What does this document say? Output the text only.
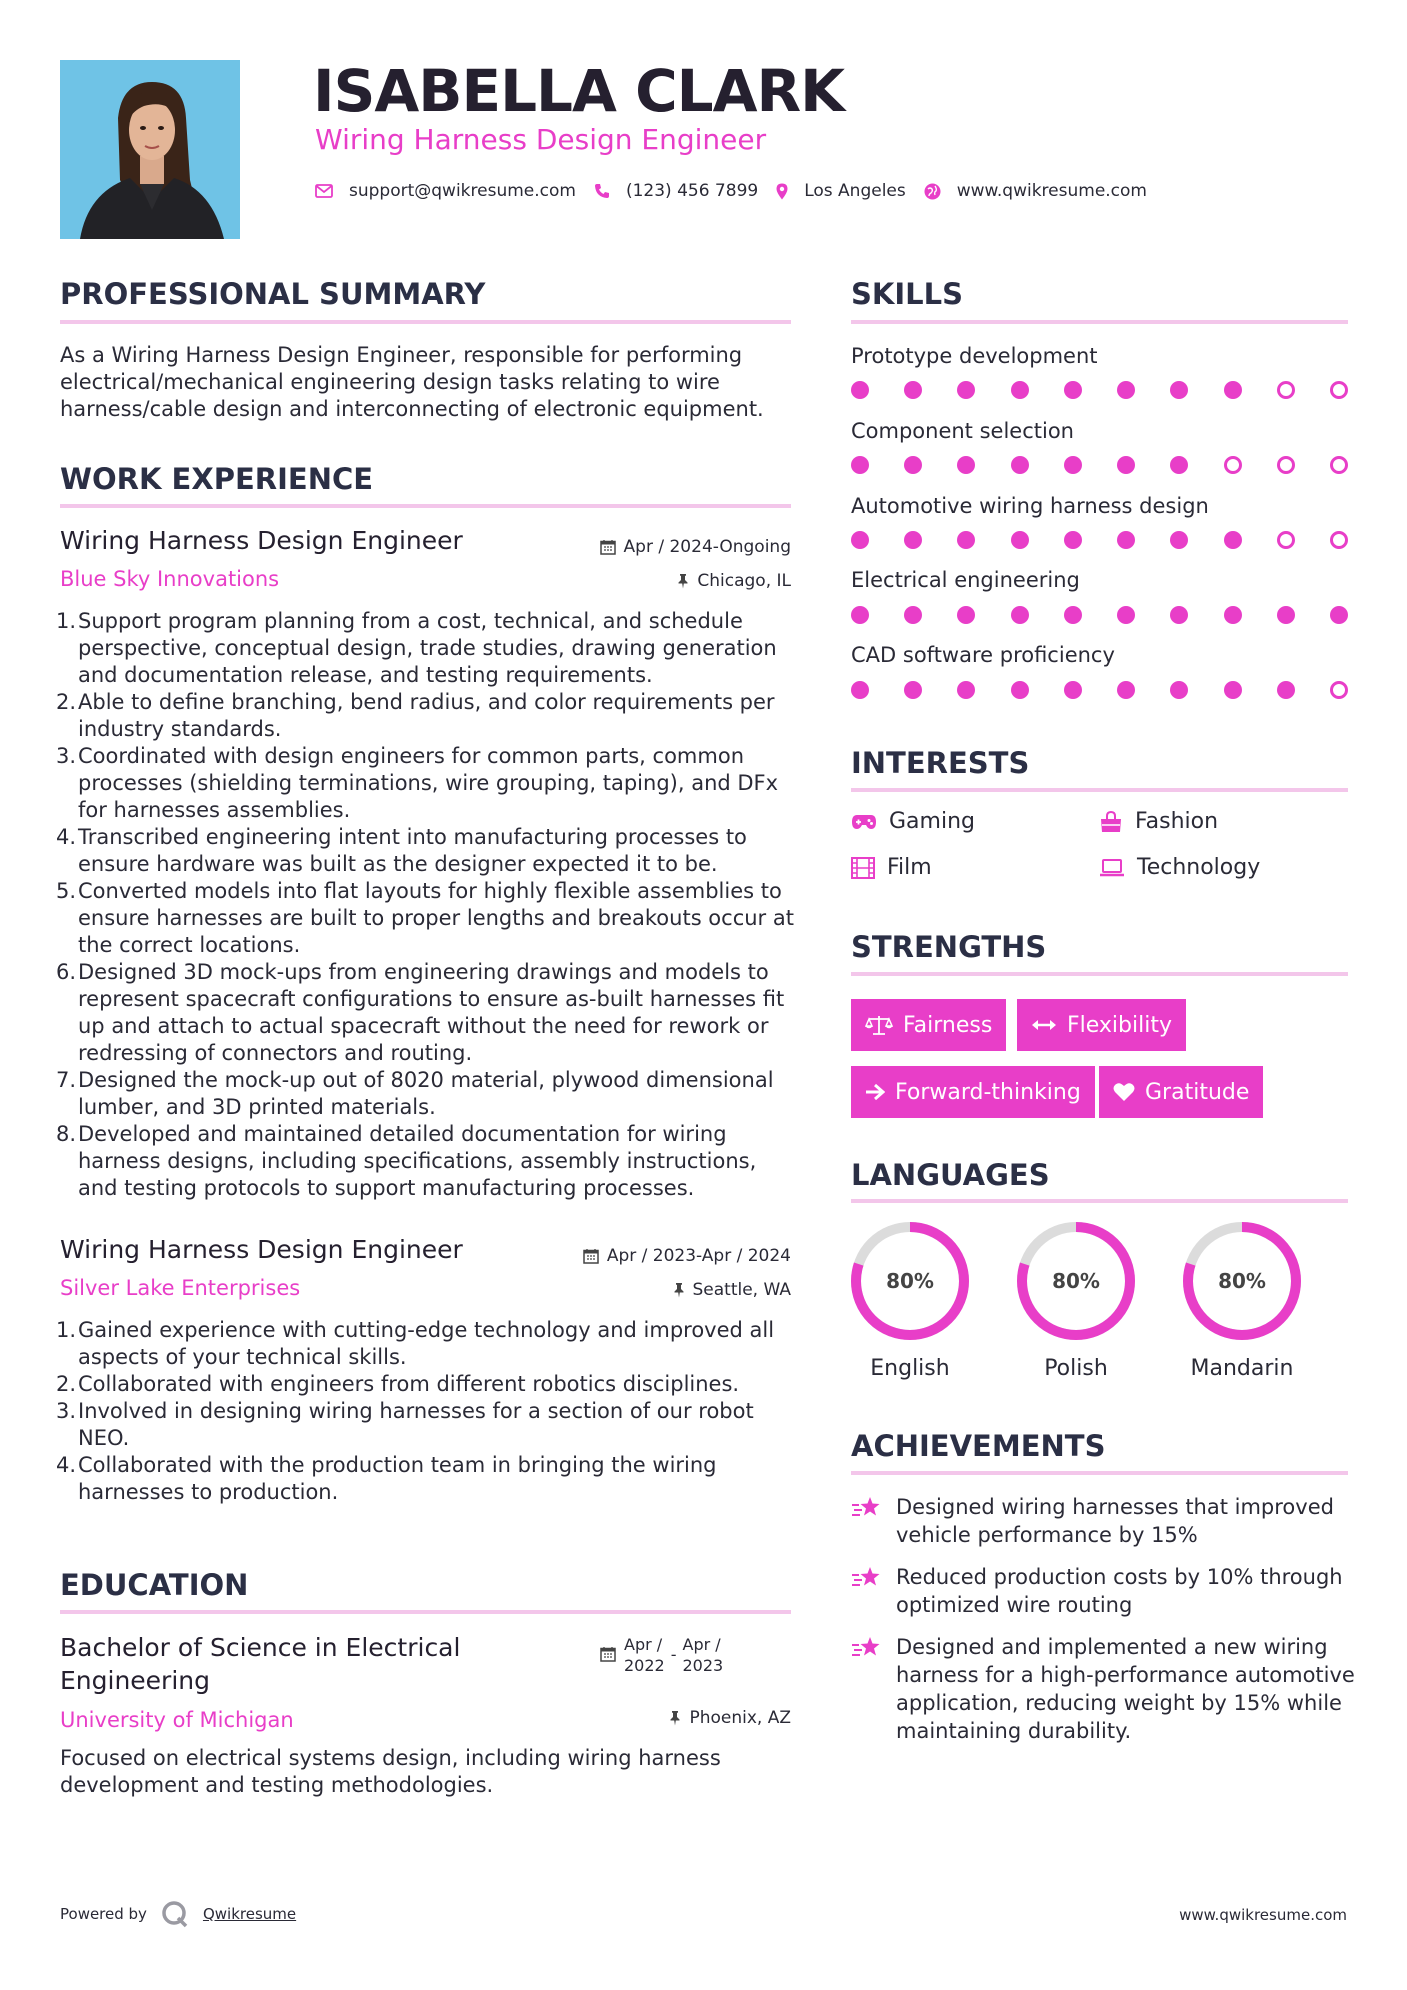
ISABELLA CLARK
Wiring Harness Design Engineer
support@qwikresume.com	(123) 456 7899	Los Angeles	www.qwikresume.com
PROFESSIONAL SUMMARY
As a Wiring Harness Design Engineer, responsible for performing electrical/mechanical engineering design tasks relating to wire harness/cable design and interconnecting of electronic equipment.
WORK EXPERIENCE
Wiring Harness Design Engineer	Apr / 2024-Ongoing
Blue Sky Innovations	Chicago, IL
1. Support program planning from a cost, technical, and schedule perspective, conceptual design, trade studies, drawing generation and documentation release, and testing requirements.
2. Able to define branching, bend radius, and color requirements per industry standards.
3. Coordinated with design engineers for common parts, common processes (shielding terminations, wire grouping, taping), and DFx for harnesses assemblies.
4. Transcribed engineering intent into manufacturing processes to ensure hardware was built as the designer expected it to be.
5. Converted models into flat layouts for highly flexible assemblies to ensure harnesses are built to proper lengths and breakouts occur at the correct locations.
6. Designed 3D mock-ups from engineering drawings and models to represent spacecraft configurations to ensure as-built harnesses fit up and attach to actual spacecraft without the need for rework or redressing of connectors and routing.
7. Designed the mock-up out of 8020 material, plywood dimensional lumber, and 3D printed materials.
8. Developed and maintained detailed documentation for wiring harness designs, including specifications, assembly instructions, and testing protocols to support manufacturing processes.
Wiring Harness Design Engineer	Apr / 2023-Apr / 2024
Silver Lake Enterprises	Seattle, WA
1. Gained experience with cutting-edge technology and improved all aspects of your technical skills.
2. Collaborated with engineers from different robotics disciplines.
3. Involved in designing wiring harnesses for a section of our robot NEO.
4. Collaborated with the production team in bringing the wiring harnesses to production.
EDUCATION
Bachelor of Science in Electrical
Engineering
Apr /
2022
-
Apr /
2023
University of Michigan	Phoenix, AZ
Focused on electrical systems design, including wiring harness development and testing methodologies.
SKILLS
Prototype development
Component selection
Automotive wiring harness design
Electrical engineering
CAD software proficiency
INTERESTS
Gaming	Fashion
Film	Technology
STRENGTHS
Fairness	Flexibility
Forward-thinking	Gratitude
LANGUAGES
80%
English
80%
Polish
80%
Mandarin
ACHIEVEMENTS
Designed wiring harnesses that improved vehicle performance by 15%
Reduced production costs by 10% through optimized wire routing
Designed and implemented a new wiring harness for a high-performance automotive application, reducing weight by 15% while maintaining durability.
Powered by	Qwikresume	www.qwikresume.com
